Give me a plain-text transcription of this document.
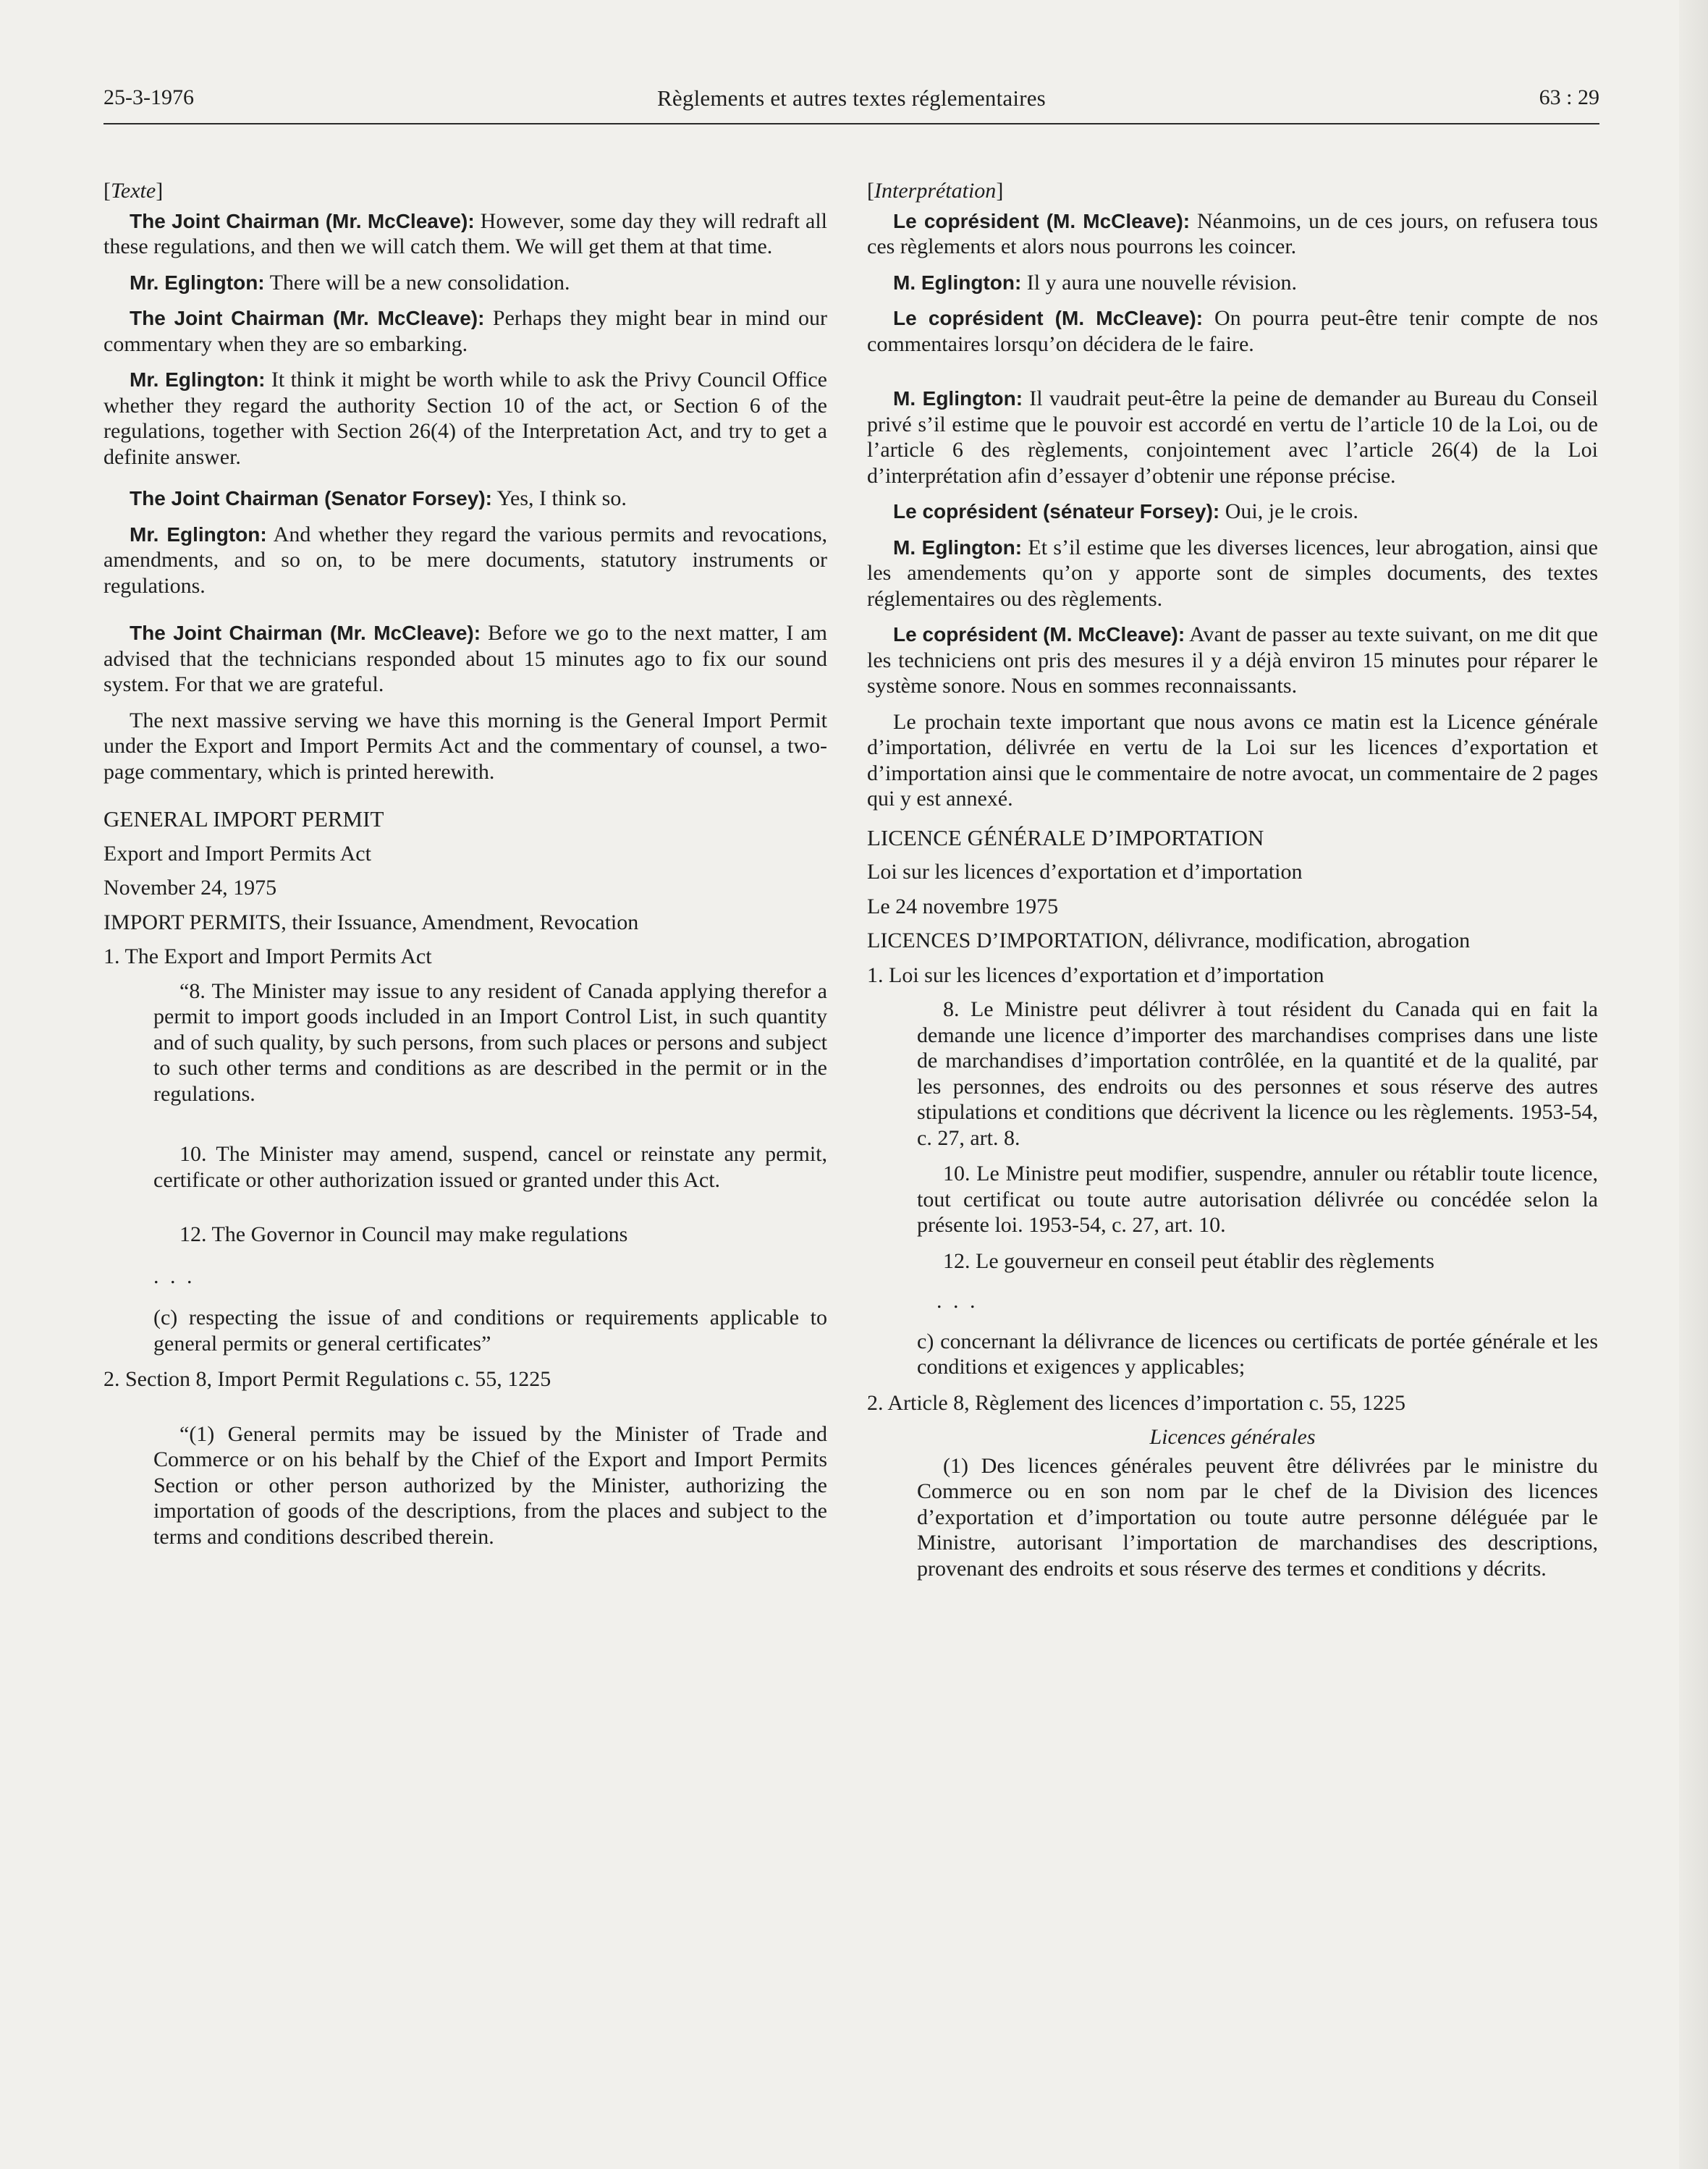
25-3-1976	Règlements et autres textes réglementaires	63 : 29

[Texte]

The Joint Chairman (Mr. McCleave): However, some day they will redraft all these regulations, and then we will catch them. We will get them at that time.

Mr. Eglington: There will be a new consolidation.

The Joint Chairman (Mr. McCleave): Perhaps they might bear in mind our commentary when they are so embarking.

Mr. Eglington: It think it might be worth while to ask the Privy Council Office whether they regard the authority Section 10 of the act, or Section 6 of the regulations, together with Section 26(4) of the Interpretation Act, and try to get a definite answer.

The Joint Chairman (Senator Forsey): Yes, I think so.

Mr. Eglington: And whether they regard the various permits and revocations, amendments, and so on, to be mere documents, statutory instruments or regulations.

The Joint Chairman (Mr. McCleave): Before we go to the next matter, I am advised that the technicians responded about 15 minutes ago to fix our sound system. For that we are grateful.

The next massive serving we have this morning is the General Import Permit under the Export and Import Permits Act and the commentary of counsel, a two-page commentary, which is printed herewith.

GENERAL IMPORT PERMIT

Export and Import Permits Act

November 24, 1975

IMPORT PERMITS, their Issuance, Amendment, Revocation

1. The Export and Import Permits Act

“8. The Minister may issue to any resident of Canada applying therefor a permit to import goods included in an Import Control List, in such quantity and of such quality, by such persons, from such places or persons and subject to such other terms and conditions as are described in the permit or in the regulations.

10. The Minister may amend, suspend, cancel or reinstate any permit, certificate or other authorization issued or granted under this Act.

12. The Governor in Council may make regulations

. . .

(c) respecting the issue of and conditions or requirements applicable to general permits or general certificates”

2. Section 8, Import Permit Regulations c. 55, 1225

“(1) General permits may be issued by the Minister of Trade and Commerce or on his behalf by the Chief of the Export and Import Permits Section or other person authorized by the Minister, authorizing the importation of goods of the descriptions, from the places and subject to the terms and conditions described therein.

[Interprétation]

Le coprésident (M. McCleave): Néanmoins, un de ces jours, on refusera tous ces règlements et alors nous pourrons les coincer.

M. Eglington: Il y aura une nouvelle révision.

Le coprésident (M. McCleave): On pourra peut-être tenir compte de nos commentaires lorsqu’on décidera de le faire.

M. Eglington: Il vaudrait peut-être la peine de demander au Bureau du Conseil privé s’il estime que le pouvoir est accordé en vertu de l’article 10 de la Loi, ou de l’article 6 des règlements, conjointement avec l’article 26(4) de la Loi d’interprétation afin d’essayer d’obtenir une réponse précise.

Le coprésident (sénateur Forsey): Oui, je le crois.

M. Eglington: Et s’il estime que les diverses licences, leur abrogation, ainsi que les amendements qu’on y apporte sont de simples documents, des textes réglementaires ou des règlements.

Le coprésident (M. McCleave): Avant de passer au texte suivant, on me dit que les techniciens ont pris des mesures il y a déjà environ 15 minutes pour réparer le système sonore. Nous en sommes reconnaissants.

Le prochain texte important que nous avons ce matin est la Licence générale d’importation, délivrée en vertu de la Loi sur les licences d’exportation et d’importation ainsi que le commentaire de notre avocat, un commentaire de 2 pages qui y est annexé.

LICENCE GÉNÉRALE D’IMPORTATION

Loi sur les licences d’exportation et d’importation

Le 24 novembre 1975

LICENCES D’IMPORTATION, délivrance, modification, abrogation

1. Loi sur les licences d’exportation et d’importation

8. Le Ministre peut délivrer à tout résident du Canada qui en fait la demande une licence d’importer des marchandises comprises dans une liste de marchandises d’importation contrôlée, en la quantité et de la qualité, par les personnes, des endroits ou des personnes et sous réserve des autres stipulations et conditions que décrivent la licence ou les règlements. 1953-54, c. 27, art. 8.

10. Le Ministre peut modifier, suspendre, annuler ou rétablir toute licence, tout certificat ou toute autre autorisation délivrée ou concédée selon la présente loi. 1953-54, c. 27, art. 10.

12. Le gouverneur en conseil peut établir des règlements

. . .

c) concernant la délivrance de licences ou certificats de portée générale et les conditions et exigences y applicables;

2. Article 8, Règlement des licences d’importation c. 55, 1225

Licences générales

(1) Des licences générales peuvent être délivrées par le ministre du Commerce ou en son nom par le chef de la Division des licences d’exportation et d’importation ou toute autre personne déléguée par le Ministre, autorisant l’importation de marchandises des descriptions, provenant des endroits et sous réserve des termes et conditions y décrits.
